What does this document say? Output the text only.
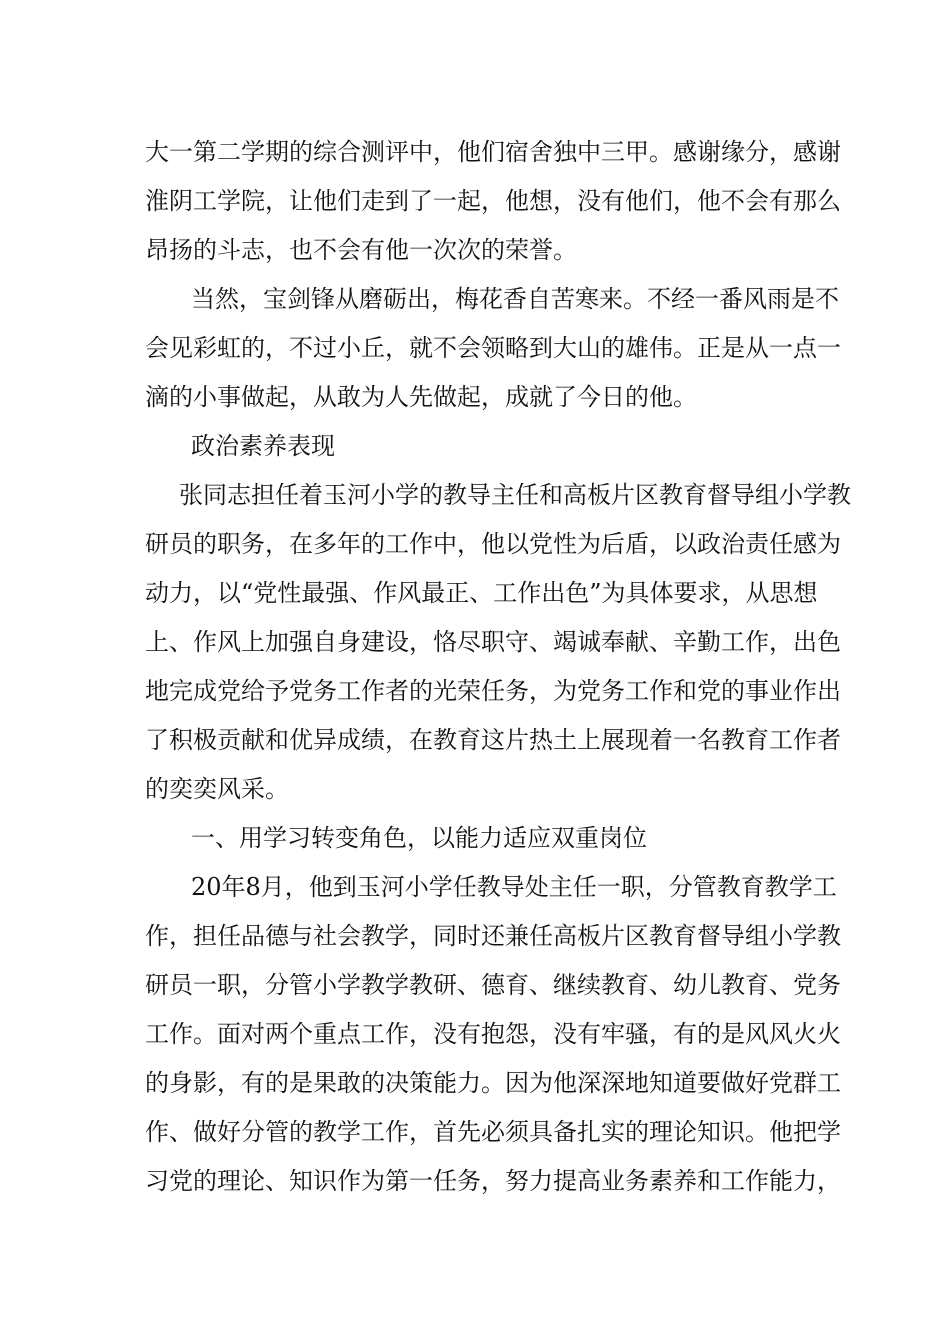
大一第二学期的综合测评中，他们宿舍独中三甲。感谢缘分，感谢
淮阴工学院，让他们走到了一起，他想，没有他们，他不会有那么
昂扬的斗志，也不会有他一次次的荣誉。
当然，宝剑锋从磨砺出，梅花香自苦寒来。不经一番风雨是不
会见彩虹的，不过小丘，就不会领略到大山的雄伟。正是从一点一
滴的小事做起，从敢为人先做起，成就了今日的他。
政治素养表现
张同志担任着玉河小学的教导主任和高板片区教育督导组小学教
研员的职务，在多年的工作中，他以党性为后盾，以政治责任感为
动力，以“党性最强、作风最正、工作出色”为具体要求，从思想
上、作风上加强自身建设，恪尽职守、竭诚奉献、辛勤工作，出色
地完成党给予党务工作者的光荣任务，为党务工作和党的事业作出
了积极贡献和优异成绩，在教育这片热土上展现着一名教育工作者
的奕奕风采。
一、用学习转变角色，以能力适应双重岗位
20年8月，他到玉河小学任教导处主任一职，分管教育教学工
作，担任品德与社会教学，同时还兼任高板片区教育督导组小学教
研员一职，分管小学教学教研、德育、继续教育、幼儿教育、党务
工作。面对两个重点工作，没有抱怨，没有牢骚，有的是风风火火
的身影，有的是果敢的决策能力。因为他深深地知道要做好党群工
作、做好分管的教学工作，首先必须具备扎实的理论知识。他把学
习党的理论、知识作为第一任务，努力提高业务素养和工作能力，
